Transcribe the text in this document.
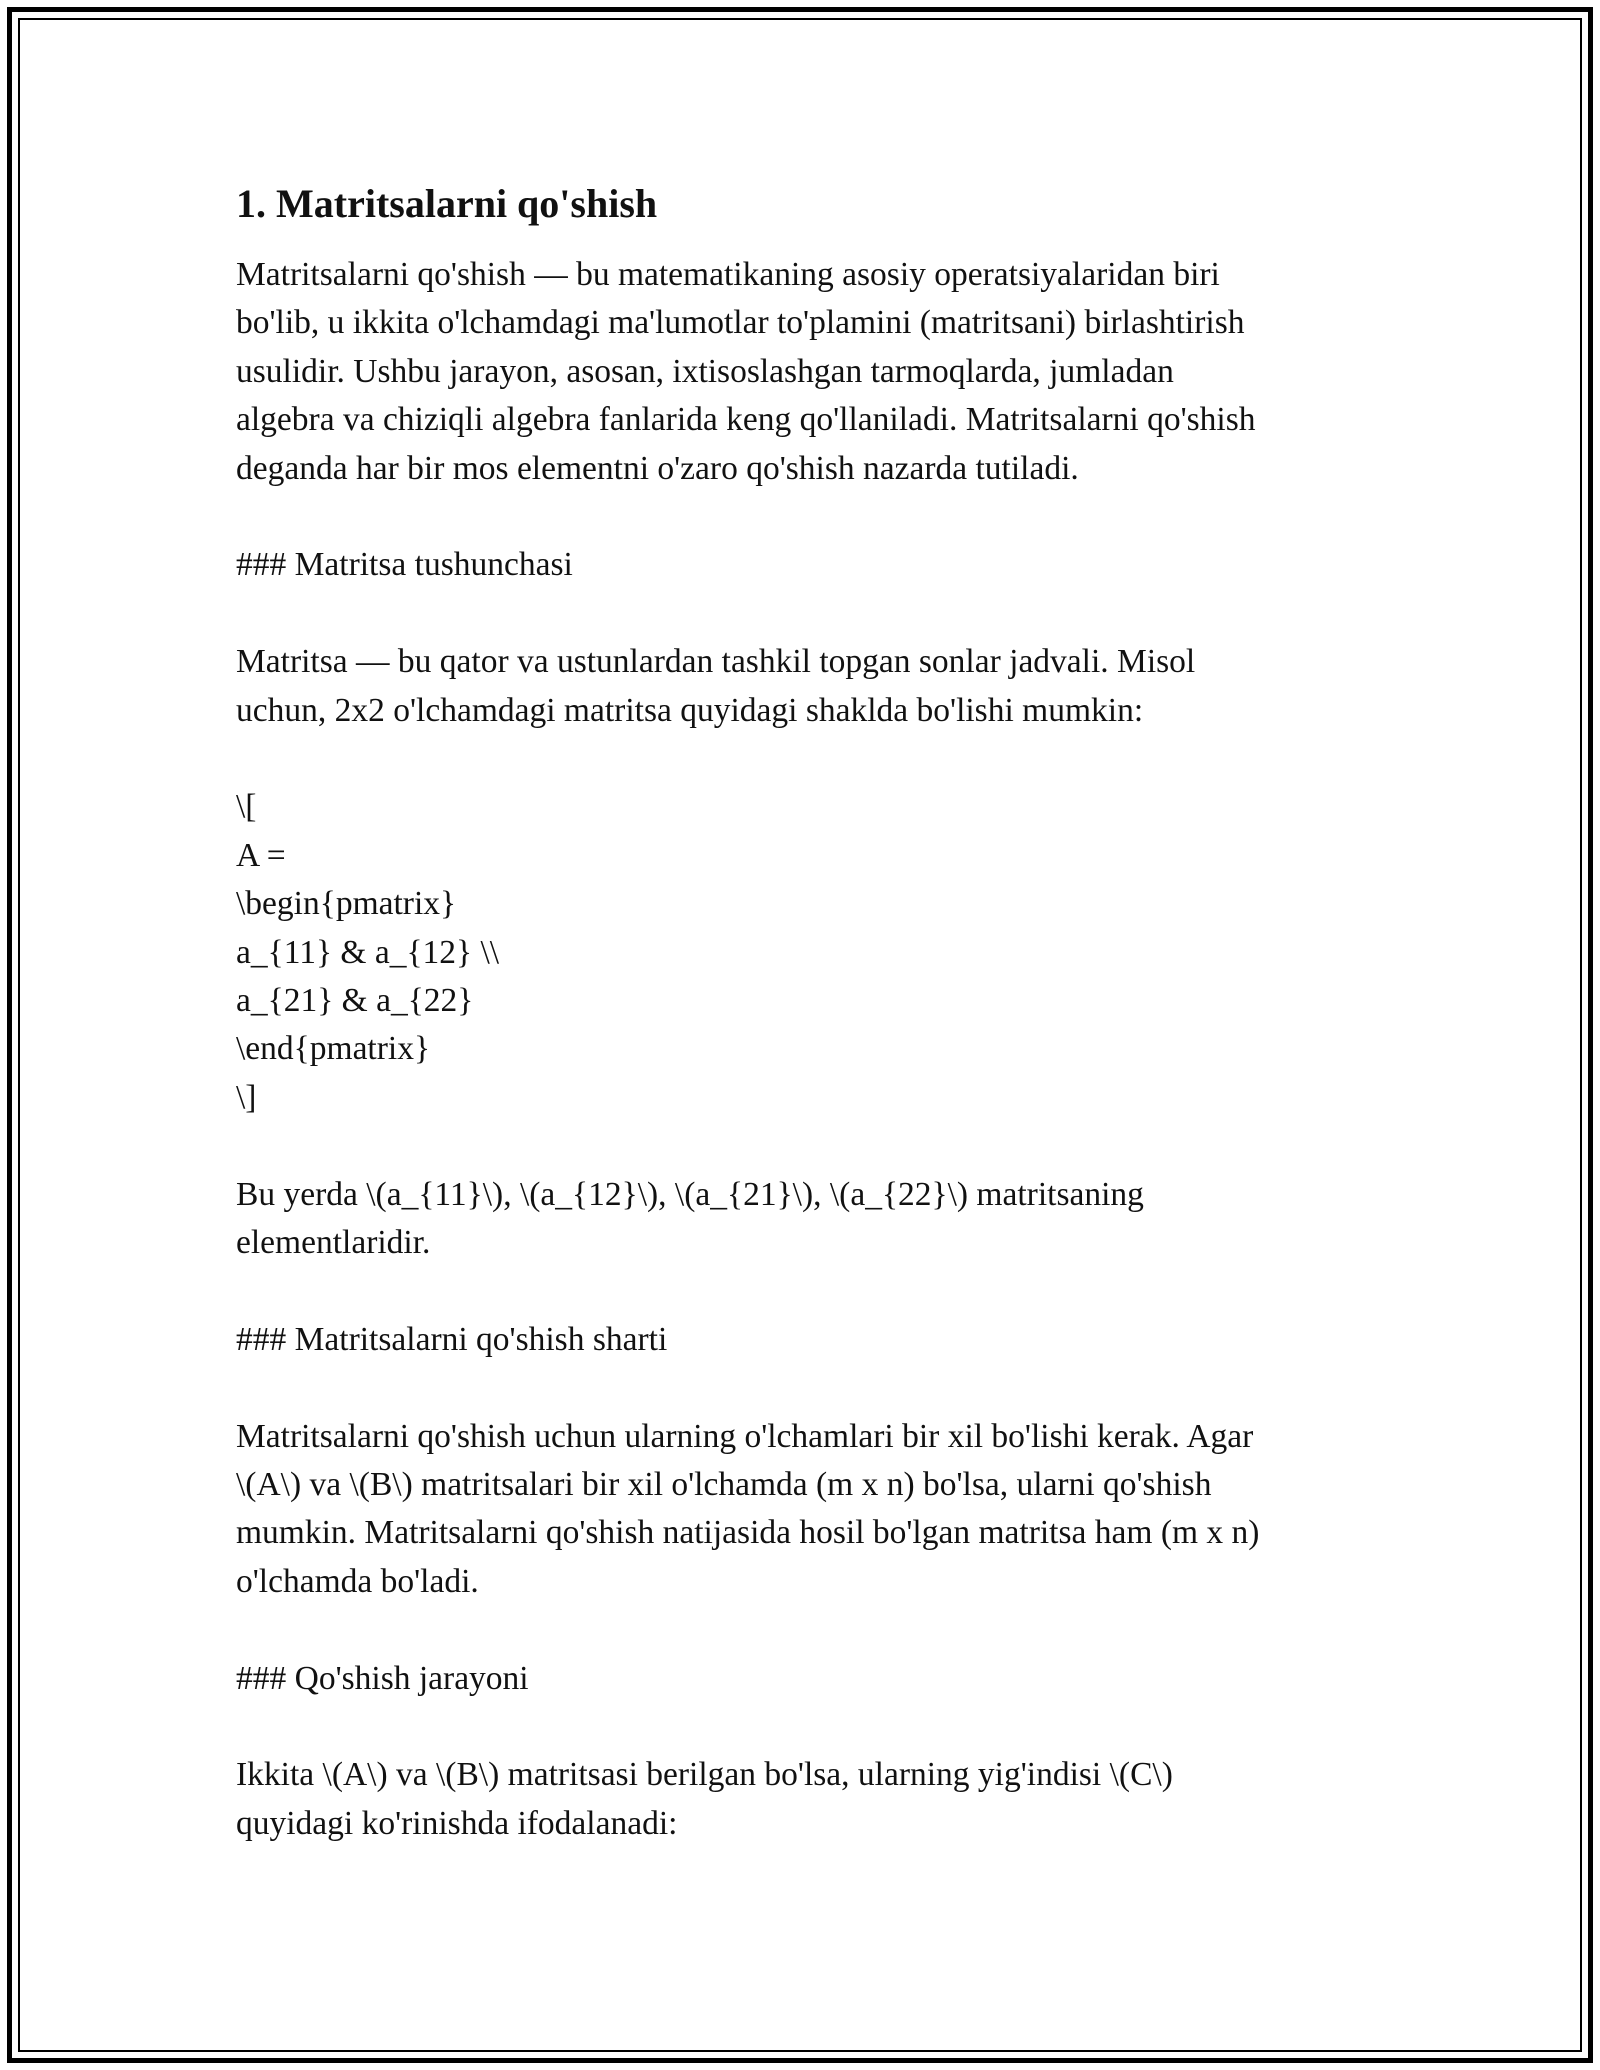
1. Matritsalarni qo'shish

Matritsalarni qo'shish — bu matematikaning asosiy operatsiyalaridan biri
bo'lib, u ikkita o'lchamdagi ma'lumotlar to'plamini (matritsani) birlashtirish
usulidir. Ushbu jarayon, asosan, ixtisoslashgan tarmoqlarda, jumladan
algebra va chiziqli algebra fanlarida keng qo'llaniladi. Matritsalarni qo'shish
deganda har bir mos elementni o'zaro qo'shish nazarda tutiladi.

### Matritsa tushunchasi

Matritsa — bu qator va ustunlardan tashkil topgan sonlar jadvali. Misol
uchun, 2x2 o'lchamdagi matritsa quyidagi shaklda bo'lishi mumkin:

\[
A =
\begin{pmatrix}
a_{11} & a_{12} \\
a_{21} & a_{22}
\end{pmatrix}
\]

Bu yerda \(a_{11}\), \(a_{12}\), \(a_{21}\), \(a_{22}\) matritsaning
elementlaridir.

### Matritsalarni qo'shish sharti

Matritsalarni qo'shish uchun ularning o'lchamlari bir xil bo'lishi kerak. Agar
\(A\) va \(B\) matritsalari bir xil o'lchamda (m x n) bo'lsa, ularni qo'shish
mumkin. Matritsalarni qo'shish natijasida hosil bo'lgan matritsa ham (m x n)
o'lchamda bo'ladi.

### Qo'shish jarayoni

Ikkita \(A\) va \(B\) matritsasi berilgan bo'lsa, ularning yig'indisi \(C\)
quyidagi ko'rinishda ifodalanadi:
